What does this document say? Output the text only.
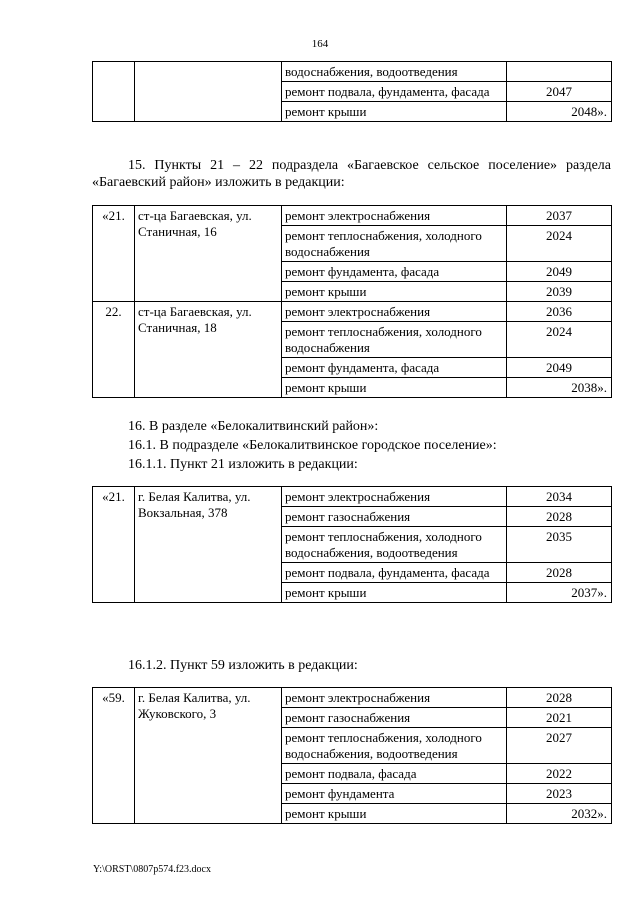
164
		водоснабжения, водоотведения	
		ремонт подвала, фундамента, фасада	2047
		ремонт крыши	2048».
15. Пункты 21 – 22 подраздела «Багаевское сельское поселение» раздела «Багаевский район» изложить в редакции:
«21.	ст-ца Багаевская, ул. Станичная, 16	ремонт электроснабжения	2037
		ремонт теплоснабжения, холодного водоснабжения	2024
		ремонт фундамента, фасада	2049
		ремонт крыши	2039
22.	ст-ца Багаевская, ул. Станичная, 18	ремонт электроснабжения	2036
		ремонт теплоснабжения, холодного водоснабжения	2024
		ремонт фундамента, фасада	2049
		ремонт крыши	2038».
16. В разделе «Белокалитвинский район»:
16.1. В подразделе «Белокалитвинское городское поселение»:
16.1.1. Пункт 21 изложить в редакции:
«21.	г. Белая Калитва, ул. Вокзальная, 378	ремонт электроснабжения	2034
		ремонт газоснабжения	2028
		ремонт теплоснабжения, холодного водоснабжения, водоотведения	2035
		ремонт подвала, фундамента, фасада	2028
		ремонт крыши	2037».
16.1.2. Пункт 59 изложить в редакции:
«59.	г. Белая Калитва, ул. Жуковского, 3	ремонт электроснабжения	2028
		ремонт газоснабжения	2021
		ремонт теплоснабжения, холодного водоснабжения, водоотведения	2027
		ремонт подвала, фасада	2022
		ремонт фундамента	2023
		ремонт крыши	2032».
Y:\ORST\0807p574.f23.docx
